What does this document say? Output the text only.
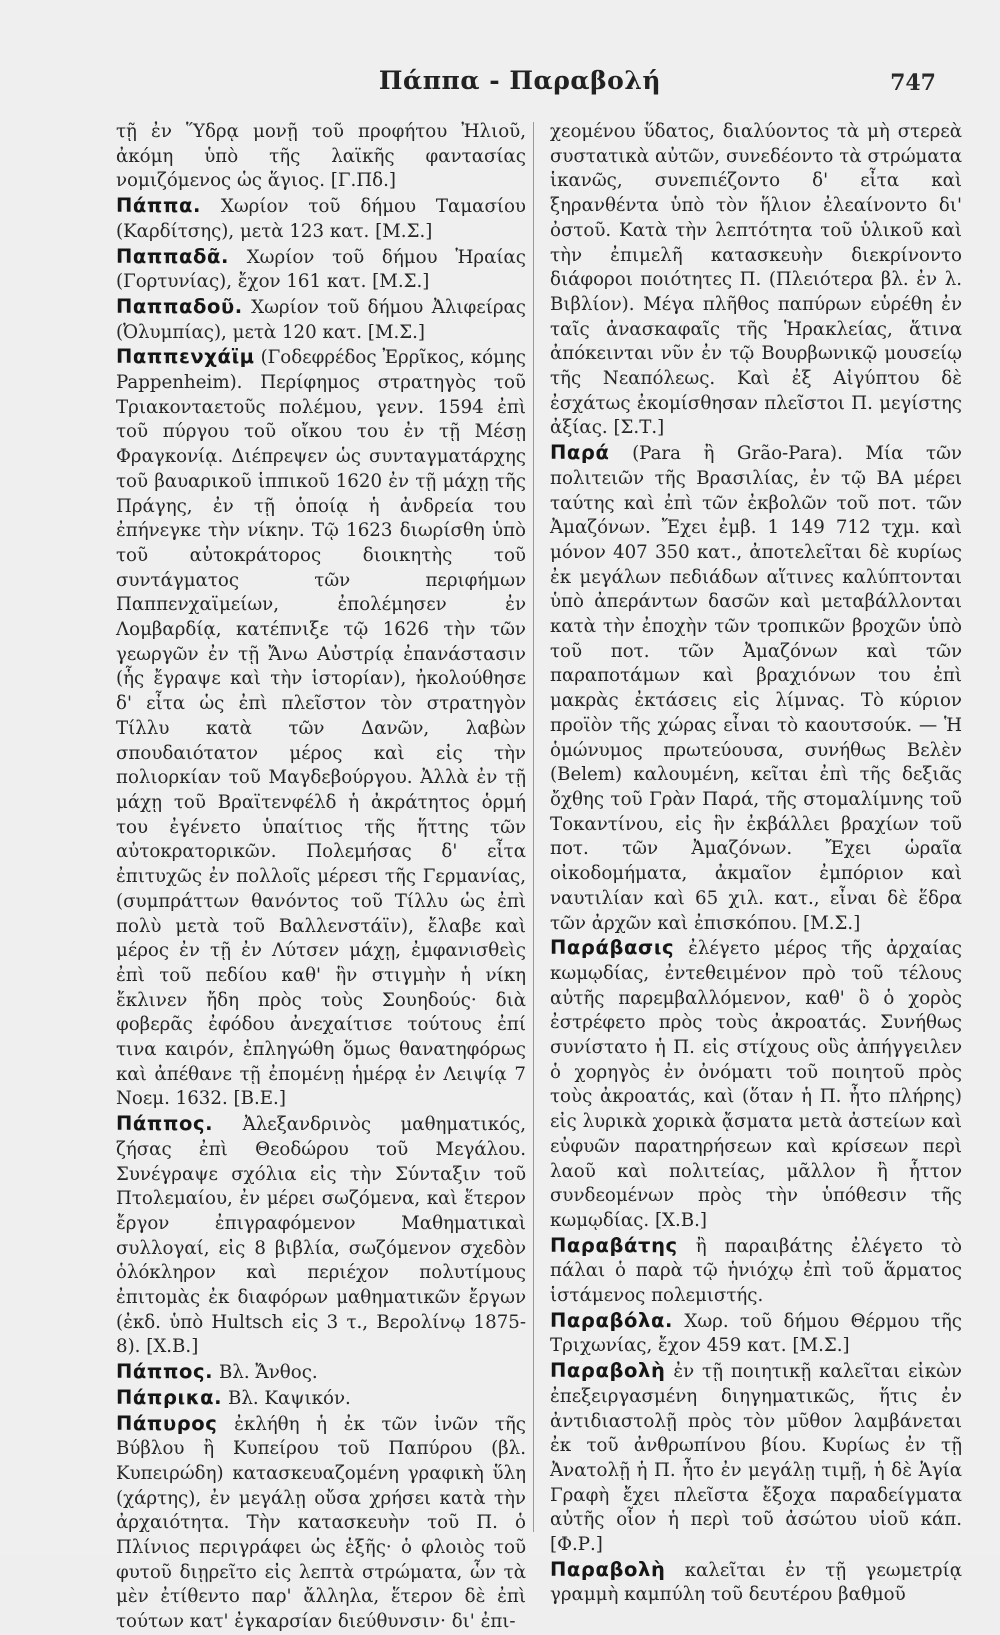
Πάππα - Παραβολή	747

τῇ ἐν Ὕδρᾳ μονῇ τοῦ προφήτου Ἠλιοῦ, ἀκόμη ὑπὸ τῆς λαϊκῆς φαντασίας νομιζόμενος ὡς ἅγιος. [Γ.Πδ.]

Πάππα. Χωρίον τοῦ δήμου Ταμασίου (Καρδίτσης), μετὰ 123 κατ. [Μ.Σ.]

Παππαδᾶ. Χωρίον τοῦ δήμου Ἡραίας (Γορτυνίας), ἔχον 161 κατ. [Μ.Σ.]

Παππαδοῦ. Χωρίον τοῦ δήμου Ἀλιφείρας (Ὀλυμπίας), μετὰ 120 κατ. [Μ.Σ.]

Παππενχάϊμ (Γοδεφρέδος Ἐρρῖκος, κόμης Pappenheim). Περίφημος στρατηγὸς τοῦ Τριακονταετοῦς πολέμου, γενν. 1594 ἐπὶ τοῦ πύργου τοῦ οἴκου του ἐν τῇ Μέσῃ Φραγκονίᾳ. Διέπρεψεν ὡς συνταγματάρχης τοῦ βαυαρικοῦ ἱππικοῦ 1620 ἐν τῇ μάχῃ τῆς Πράγης, ἐν τῇ ὁποίᾳ ἡ ἀνδρεία του ἐπήνεγκε τὴν νίκην. Τῷ 1623 διωρίσθη ὑπὸ τοῦ αὐτοκράτορος διοικητὴς τοῦ συντάγματος τῶν περιφήμων Παππενχαϊμείων, ἐπολέμησεν ἐν Λομβαρδίᾳ, κατέπνιξε τῷ 1626 τὴν τῶν γεωργῶν ἐν τῇ Ἄνω Αὐστρίᾳ ἐπανάστασιν (ἧς ἔγραψε καὶ τὴν ἱστορίαν), ἠκολούθησε δ' εἶτα ὡς ἐπὶ πλεῖστον τὸν στρατηγὸν Τίλλυ κατὰ τῶν Δανῶν, λαβὼν σπουδαιότατον μέρος καὶ εἰς τὴν πολιορκίαν τοῦ Μαγδεβούργου. Ἀλλὰ ἐν τῇ μάχῃ τοῦ Βραϊτενφέλδ ἡ ἀκράτητος ὁρμή του ἐγένετο ὑπαίτιος τῆς ἥττης τῶν αὐτοκρατορικῶν. Πολεμήσας δ' εἶτα ἐπιτυχῶς ἐν πολλοῖς μέρεσι τῆς Γερμανίας, (συμπράττων θανόντος τοῦ Τίλλυ ὡς ἐπὶ πολὺ μετὰ τοῦ Βαλλενστάϊν), ἔλαβε καὶ μέρος ἐν τῇ ἐν Λύτσεν μάχῃ, ἐμφανισθεὶς ἐπὶ τοῦ πεδίου καθ' ἣν στιγμὴν ἡ νίκη ἔκλινεν ἤδη πρὸς τοὺς Σουηδούς· διὰ φοβερᾶς ἐφόδου ἀνεχαίτισε τούτους ἐπί τινα καιρόν, ἐπληγώθη ὅμως θανατηφόρως καὶ ἀπέθανε τῇ ἐπομένῃ ἡμέρᾳ ἐν Λειψίᾳ 7 Νοεμ. 1632. [Β.Ε.]

Πάππος. Ἀλεξανδρινὸς μαθηματικός, ζήσας ἐπὶ Θεοδώρου τοῦ Μεγάλου. Συνέγραψε σχόλια εἰς τὴν Σύνταξιν τοῦ Πτολεμαίου, ἐν μέρει σωζόμενα, καὶ ἕτερον ἔργον ἐπιγραφόμενον Μαθηματικαὶ συλλογαί, εἰς 8 βιβλία, σωζόμενον σχεδὸν ὁλόκληρον καὶ περιέχον πολυτίμους ἐπιτομὰς ἐκ διαφόρων μαθηματικῶν ἔργων (ἐκδ. ὑπὸ Hultsch εἰς 3 τ., Βερολίνῳ 1875-8). [Χ.Β.]

Πάππος. Βλ. Ἄνθος.

Πάπρικα. Βλ. Καψικόν.

Πάπυρος ἐκλήθη ἡ ἐκ τῶν ἰνῶν τῆς Βύβλου ἢ Κυπείρου τοῦ Παπύρου (βλ. Κυπειρώδη) κατασκευαζομένη γραφικὴ ὕλη (χάρτης), ἐν μεγάλῃ οὔσα χρήσει κατὰ τὴν ἀρχαιότητα. Τὴν κατασκευὴν τοῦ Π. ὁ Πλίνιος περιγράφει ὡς ἑξῆς· ὁ φλοιὸς τοῦ φυτοῦ διῃρεῖτο εἰς λεπτὰ στρώματα, ὧν τὰ μὲν ἐτίθεντο παρ' ἄλληλα, ἕτερον δὲ ἐπὶ τούτων κατ' ἐγκαρσίαν διεύθυνσιν· δι' ἐπι-

χεομένου ὕδατος, διαλύοντος τὰ μὴ στερεὰ συστατικὰ αὐτῶν, συνεδέοντο τὰ στρώματα ἱκανῶς, συνεπιέζοντο δ' εἶτα καὶ ξηρανθέντα ὑπὸ τὸν ἥλιον ἐλεαίνοντο δι' ὀστοῦ. Κατὰ τὴν λεπτότητα τοῦ ὑλικοῦ καὶ τὴν ἐπιμελῆ κατασκευὴν διεκρίνοντο διάφοροι ποιότητες Π. (Πλειότερα βλ. ἐν λ. Βιβλίον). Μέγα πλῆθος παπύρων εὑρέθη ἐν ταῖς ἀνασκαφαῖς τῆς Ἡρακλείας, ἅτινα ἀπόκεινται νῦν ἐν τῷ Βουρβωνικῷ μουσείῳ τῆς Νεαπόλεως. Καὶ ἐξ Αἰγύπτου δὲ ἐσχάτως ἐκομίσθησαν πλεῖστοι Π. μεγίστης ἀξίας. [Σ.Τ.]

Παρά (Para ἢ Grão-Para). Μία τῶν πολιτειῶν τῆς Βρασιλίας, ἐν τῷ ΒΑ μέρει ταύτης καὶ ἐπὶ τῶν ἐκβολῶν τοῦ ποτ. τῶν Ἀμαζόνων. Ἔχει ἐμβ. 1 149 712 τχμ. καὶ μόνον 407 350 κατ., ἀποτελεῖται δὲ κυρίως ἐκ μεγάλων πεδιάδων αἵτινες καλύπτονται ὑπὸ ἀπεράντων δασῶν καὶ μεταβάλλονται κατὰ τὴν ἐποχὴν τῶν τροπικῶν βροχῶν ὑπὸ τοῦ ποτ. τῶν Ἀμαζόνων καὶ τῶν παραποτάμων καὶ βραχιόνων του ἐπὶ μακρὰς ἐκτάσεις εἰς λίμνας. Τὸ κύριον προϊὸν τῆς χώρας εἶναι τὸ καουτσούκ. — Ἡ ὁμώνυμος πρωτεύουσα, συνήθως Βελὲν (Belem) καλουμένη, κεῖται ἐπὶ τῆς δεξιᾶς ὄχθης τοῦ Γρὰν Παρά, τῆς στομαλίμνης τοῦ Τοκαντίνου, εἰς ἣν ἐκβάλλει βραχίων τοῦ ποτ. τῶν Ἀμαζόνων. Ἔχει ὡραῖα οἰκοδομήματα, ἀκμαῖον ἐμπόριον καὶ ναυτιλίαν καὶ 65 χιλ. κατ., εἶναι δὲ ἕδρα τῶν ἀρχῶν καὶ ἐπισκόπου. [Μ.Σ.]

Παράβασις ἐλέγετο μέρος τῆς ἀρχαίας κωμῳδίας, ἐντεθειμένον πρὸ τοῦ τέλους αὐτῆς παρεμβαλλόμενον, καθ' ὃ ὁ χορὸς ἐστρέφετο πρὸς τοὺς ἀκροατάς. Συνήθως συνίστατο ἡ Π. εἰς στίχους οὓς ἀπήγγειλεν ὁ χορηγὸς ἐν ὀνόματι τοῦ ποιητοῦ πρὸς τοὺς ἀκροατάς, καὶ (ὅταν ἡ Π. ἦτο πλήρης) εἰς λυρικὰ χορικὰ ᾄσματα μετὰ ἀστείων καὶ εὐφυῶν παρατηρήσεων καὶ κρίσεων περὶ λαοῦ καὶ πολιτείας, μᾶλλον ἢ ἧττον συνδεομένων πρὸς τὴν ὑπόθεσιν τῆς κωμῳδίας. [Χ.Β.]

Παραβάτης ἢ παραιβάτης ἐλέγετο τὸ πάλαι ὁ παρὰ τῷ ἡνιόχῳ ἐπὶ τοῦ ἅρματος ἱστάμενος πολεμιστής.

Παραβόλα. Χωρ. τοῦ δήμου Θέρμου τῆς Τριχωνίας, ἔχον 459 κατ. [Μ.Σ.]

Παραβολὴ ἐν τῇ ποιητικῇ καλεῖται εἰκὼν ἐπεξειργασμένη διηγηματικῶς, ἥτις ἐν ἀντιδιαστολῇ πρὸς τὸν μῦθον λαμβάνεται ἐκ τοῦ ἀνθρωπίνου βίου. Κυρίως ἐν τῇ Ἀνατολῇ ἡ Π. ἦτο ἐν μεγάλῃ τιμῇ, ἡ δὲ Ἁγία Γραφὴ ἔχει πλεῖστα ἔξοχα παραδείγματα αὐτῆς οἷον ἡ περὶ τοῦ ἀσώτου υἱοῦ κάπ. [Φ.Ρ.]

Παραβολὴ καλεῖται ἐν τῇ γεωμετρίᾳ γραμμὴ καμπύλη τοῦ δευτέρου βαθμοῦ
